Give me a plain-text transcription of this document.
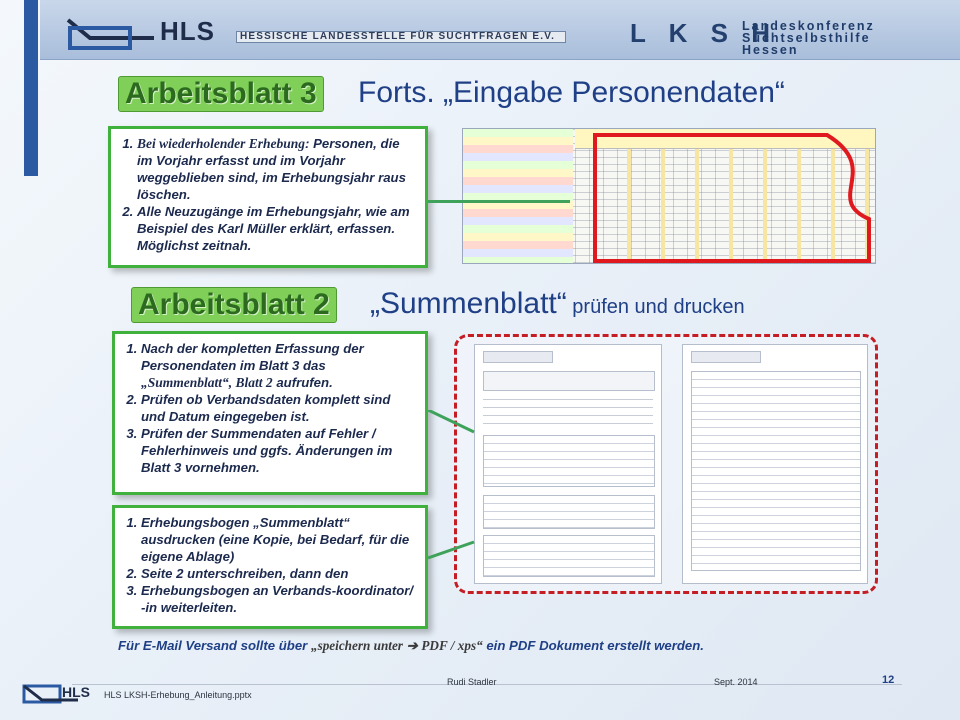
HLS	HESSISCHE LANDESSTELLE FÜR SUCHTFRAGEN E.V.	L K S H
Landeskonferenz
Suchtselbsthilfe
Hessen
Arbeitsblatt 3 Forts. „Eingabe Personendaten“
1. Bei wiederholender Erhebung: Personen, die im Vorjahr erfasst und im Vorjahr weggeblieben sind, im Erhebungsjahr raus löschen.
2. Alle Neuzugänge im Erhebungsjahr, wie am Beispiel des Karl Müller erklärt, erfassen. Möglichst zeitnah.
Arbeitsblatt 2 „Summenblatt“ prüfen und drucken
1. Nach der kompletten Erfassung der Personendaten im Blatt 3 das „Summenblatt“, Blatt 2 aufrufen.
2. Prüfen ob Verbandsdaten komplett sind und Datum eingegeben ist.
3. Prüfen der Summendaten auf Fehler / Fehlerhinweis und ggfs. Änderungen im Blatt 3 vornehmen.
1. Erhebungsbogen „Summenblatt“ ausdrucken (eine Kopie, bei Bedarf, für die eigene Ablage)
2. Seite 2 unterschreiben, dann den
3. Erhebungsbogen an Verbands-koordinator/ -in weiterleiten.
Für E-Mail Versand sollte über „speichern unter ➔ PDF / xps“ ein PDF Dokument erstellt werden.
HLS HLS LKSH-Erhebung_Anleitung.pptx
Rudi Stadler	Sept. 2014	12
